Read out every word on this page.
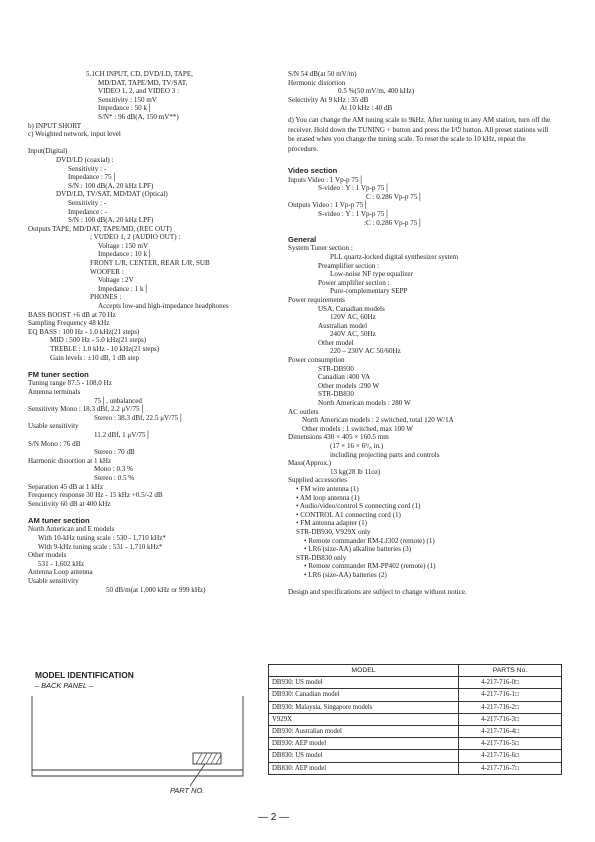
5.1CH INPUT, CD, DVD/LD, TAPE,
MD/DAT, TAPE/MD, TV/SAT,
VIDEO 1, 2, and VIDEO 3 :
Sensitivity : 150 mV
Impedance : 50 k│
S/N* : 96 dB(A, 150 mV**)
b) INPUT SHORT
c) Weighted network, input level
Input(Digital)
DVD/LD (coaxial) :
Sensitivity : -
Impedance : 75│
S/N : 100 dB(A, 20 kHz LPF)
DVD/LD, TV/SAT, MD/DAT (Optical)
Sensitivity : -
Impedance : -
S/N : 100 dB(A, 20 kHz LPF)
Outputs TAPE, MD/DAT, TAPE/MD, (REC OUT)
; VUDEO 1, 2 (AUDIO OUT) :
Voltage : 150 mV
Impedance : 10 k│
FRONT L/R, CENTER, REAR L/R, SUB
WOOFER :
Voltage : 2V
Impedance : 1 k│
PHONES :
Accepts low-and high-impedance headphones
BASS BOOST +6 dB at 70 Hz
Sampling Frequency 48 kHz
EQ BASS : 100 Hz - 1.0 kHz(21 steps)
MID : 500 Hz - 5.0 kHz(21 steps)
TREBLE : 1.0 kHz - 10 kHz(21 steps)
Gain levels : ±10 dB, 1 dB step
FM tuner section
Tuning range 87.5 - 108.0 Hz
Antenna terminals
75│, unbalanced
Sensitivity Mono : 18.3 dBf, 2.2 μV/75│
Stereo : 38.3 dBf, 22.5 μV/75│
Usable sensitivity
11.2 dBf, 1 μV/75│
S/N Mono : 76 dB
Stereo : 70 dB
Harmonic distortion at 1 kHz
Mono : 0.3 %
Stereo : 0.5 %
Separation 45 dB at 1 kHz
Frequency response 30 Hz - 15 kHz +0.5/-2 dB
Sencitivity 60 dB at 400 kHz
AM tuner section
North American and E models
With 10-kHz tuning scale : 530 - 1,710 kHz*
With 9-kHz tuning scale : 531 - 1,710 kHz*
Other models
531 - 1,602 kHz
Antenna Loop antenna
Usable sensitivity
50 dB/m(at 1,000 kHz or 999 kHz)
S/N 54 dB(at 50 mV/m)
Hermonic distortion
0.5 %(50 mV/m, 400 kHz)
Selectivity At 9 kHz : 35 dB
At 10 kHz : 40 dB
d) You can change the AM tuning scale to 9kHz. After tuning in any AM station, turn off the receiver. Hold down the TUNING + button and press the I/⏻ button. All preset stations will be erased when you change the tuning scale. To reset the scale to 10 kHz, repeat the procedure.
Video section
Inputs Video : 1 Vp-p 75│
S-video : Y : 1 Vp-p 75│
C : 0.286 Vp-p 75│
Outputs Video : 1 Vp-p 75│
S-video : Y : 1 Vp-p 75│
:C : 0.286 Vp-p 75│
General
System Tuner section :
PLL quartz-locked digital synthesizer system
Preamplifier section :
Low-noise NF type equalizer
Power amplifier section :
Pure-complementary SEPP
Power requirements
USA, Canadian models
120V AC, 60Hz
Australian model
240V AC, 50Hz
Other model
220 – 230V AC 50/60Hz
Power consumption
STR-DB930
Canadian :400 VA
Other models :290 W
STR-DB830
North American models : 280 W
AC outlets
North American models : 2 switched, total 120 W/1A
Other models : 1 switched, max 100 W
Dimensions 430 × 405 × 160.5 mm
(17 × 16 × 6³/₈ in.)
including projecting parts and controls
Mass(Approx.)
13 kg(28 lb 11oz)
Supplied accessories
• FM wire antenna (1)
• AM loop antenna (1)
• Audio/video/control S connecting cord (1)
• CONTROL A1 connecting cord (1)
• FM antenna adapter (1)
STR-DB930, V929X only
• Remote commander RM-LJ302 (remote) (1)
• LR6 (size-AA) alkaline batteries (3)
STR-DB830 only
• Remote commander RM-PP402 (remote) (1)
• LR6 (size-AA) batteries (2)
Design and specifications are subject to change without notice.
MODEL IDENTIFICATION
– BACK PANEL –
PART NO.
MODEL	PARTS No.
DB930: US model	4-217-716-0□
DB930: Canadian model	4-217-716-1□
DB930: Malaysia, Singapore models	4-217-716-2□
V929X	4-217-716-3□
DB930: Australian model	4-217-716-4□
DB930: AEP model	4-217-716-5□
DB830: US model	4-217-716-6□
DB830: AEP model	4-217-716-7□
— 2 —
